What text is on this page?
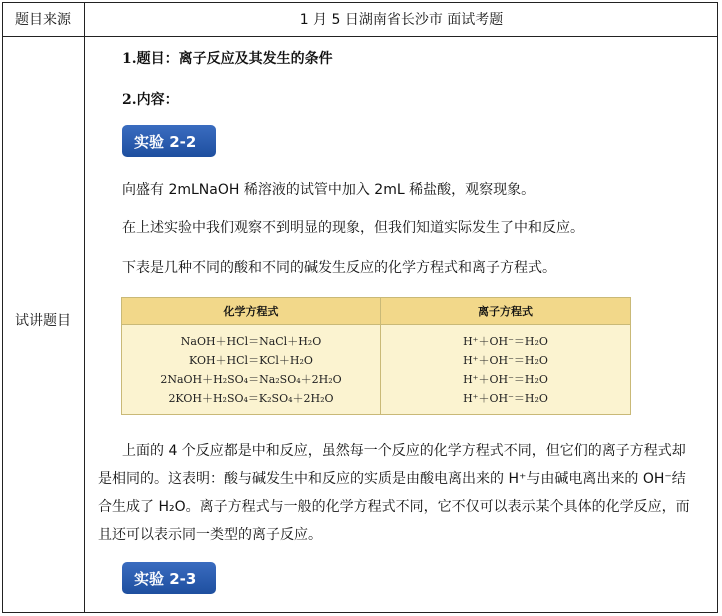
题目来源	1 月 5 日湖南省长沙市 面试考题
试讲题目
1.题目：离子反应及其发生的条件
2.内容：
实验 2-2
向盛有 2mLNaOH 稀溶液的试管中加入 2mL 稀盐酸，观察现象。
在上述实验中我们观察不到明显的现象，但我们知道实际发生了中和反应。
下表是几种不同的酸和不同的碱发生反应的化学方程式和离子方程式。
化学方程式	离子方程式
NaOH＋HCl＝NaCl＋H₂O	H⁺＋OH⁻＝H₂O
KOH＋HCl＝KCl＋H₂O	H⁺＋OH⁻＝H₂O
2NaOH＋H₂SO₄＝Na₂SO₄＋2H₂O	H⁺＋OH⁻＝H₂O
2KOH＋H₂SO₄＝K₂SO₄＋2H₂O	H⁺＋OH⁻＝H₂O
上面的 4 个反应都是中和反应，虽然每一个反应的化学方程式不同，但它们的离子方程式却
是相同的。这表明：酸与碱发生中和反应的实质是由酸电离出来的 H⁺与由碱电离出来的 OH⁻结
合生成了 H₂O。离子方程式与一般的化学方程式不同，它不仅可以表示某个具体的化学反应，而
且还可以表示同一类型的离子反应。
实验 2-3
